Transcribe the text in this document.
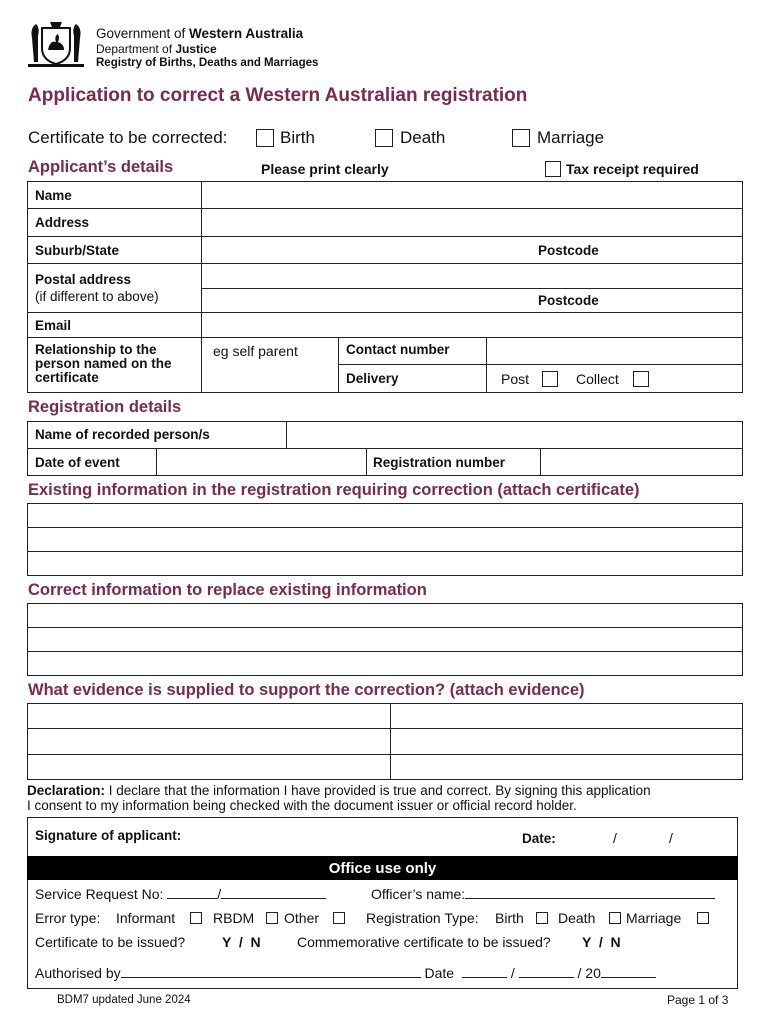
Government of Western Australia
Department of Justice
Registry of Births, Deaths and Marriages
Application to correct a Western Australian registration
Certificate to be corrected:	Birth	Death	Marriage
Applicant’s details	Please print clearly	Tax receipt required
Name
Address
Suburb/State	Postcode
Postal address
(if different to above)	Postcode
Email
Relationship to the
person named on the
certificate
eg self parent	Contact number
Delivery	Post	Collect
Registration details
Name of recorded person/s
Date of event	Registration number
Existing information in the registration requiring correction (attach certificate)
Correct information to replace existing information
What evidence is supplied to support the correction? (attach evidence)
Declaration: I declare that the information I have provided is true and correct. By signing this application
I consent to my information being checked with the document issuer or official record holder.
Signature of applicant:	Date:	/	/
Office use only
Service Request No:	/	Officer’s name:
Error type: Informant	RBDM Other	Registration Type: Birth Death Marriage
Certificate to be issued?	Y  /  N	Commemorative certificate to be issued? Y  /  N
Authorised by	Date	/	/ 20
BDM7 updated June 2024	Page 1 of 3
